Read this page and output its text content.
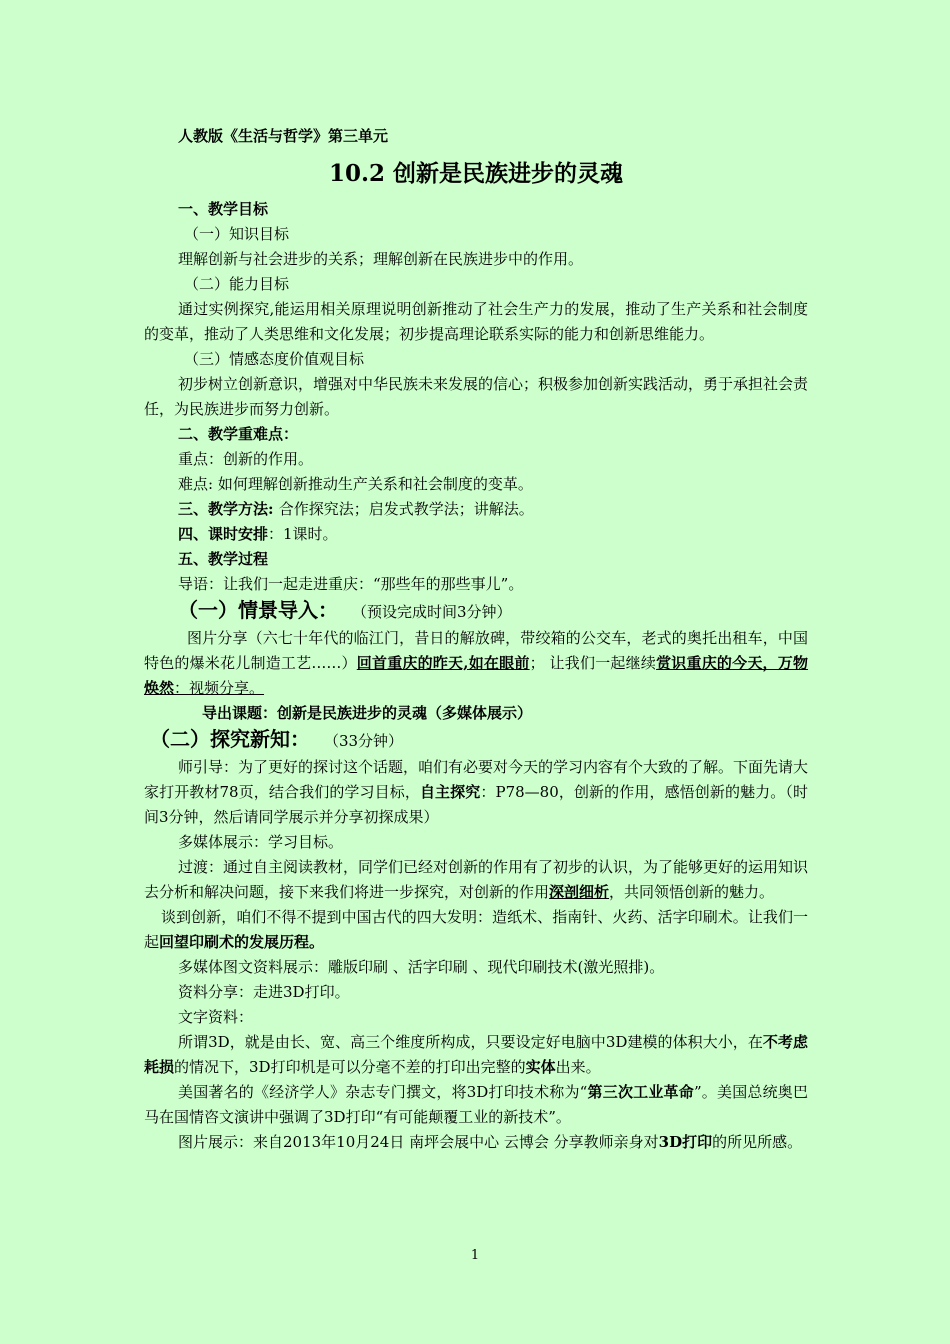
人教版《生活与哲学》第三单元

10.2 创新是民族进步的灵魂

一、教学目标

（一）知识目标

理解创新与社会进步的关系；理解创新在民族进步中的作用。

（二）能力目标

通过实例探究,能运用相关原理说明创新推动了社会生产力的发展，推动了生产关系和社会制度的变革，推动了人类思维和文化发展；初步提高理论联系实际的能力和创新思维能力。

（三）情感态度价值观目标

初步树立创新意识，增强对中华民族未来发展的信心；积极参加创新实践活动，勇于承担社会责任，为民族进步而努力创新。

二、教学重难点：

重点：创新的作用。

难点: 如何理解创新推动生产关系和社会制度的变革。

三、教学方法: 合作探究法；启发式教学法；讲解法。

四、课时安排：1课时。

五、教学过程

导语：让我们一起走进重庆：“那些年的那些事儿”。

（一）情景导入： （预设完成时间3分钟）

图片分享（六七十年代的临江门，昔日的解放碑，带绞箱的公交车，老式的奥托出租车，中国特色的爆米花儿制造工艺……）回首重庆的昨天,如在眼前； 让我们一起继续赏识重庆的今天，万物焕然：视频分享。

导出课题：创新是民族进步的灵魂（多媒体展示）

（二）探究新知： （33分钟）

师引导：为了更好的探讨这个话题，咱们有必要对今天的学习内容有个大致的了解。下面先请大家打开教材78页，结合我们的学习目标，自主探究：P78—80，创新的作用，感悟创新的魅力。（时间3分钟，然后请同学展示并分享初探成果）

多媒体展示：学习目标。

过渡：通过自主阅读教材，同学们已经对创新的作用有了初步的认识，为了能够更好的运用知识去分析和解决问题，接下来我们将进一步探究，对创新的作用深剖细析，共同领悟创新的魅力。

谈到创新，咱们不得不提到中国古代的四大发明：造纸术、指南针、火药、活字印刷术。让我们一起回望印刷术的发展历程。

多媒体图文资料展示：雕版印刷 、活字印刷 、现代印刷技术(激光照排)。

资料分享：走进3D打印。

文字资料：

所谓3D，就是由长、宽、高三个维度所构成，只要设定好电脑中3D建模的体积大小，在不考虑耗损的情况下，3D打印机是可以分毫不差的打印出完整的实体出来。

美国著名的《经济学人》杂志专门撰文，将3D打印技术称为“第三次工业革命”。美国总统奥巴马在国情咨文演讲中强调了3D打印“有可能颠覆工业的新技术”。

图片展示：来自2013年10月24日 南坪会展中心 云博会 分享教师亲身对3D打印的所见所感。

1
